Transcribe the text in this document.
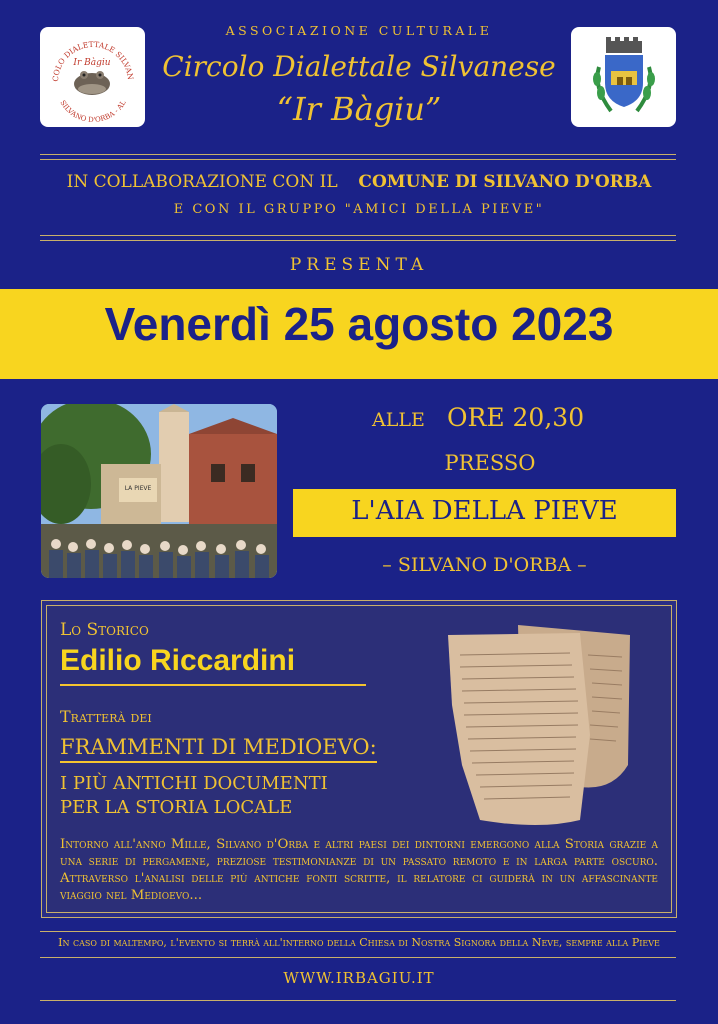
COLO DIALETTALE SILVAN
SILVANO D'ORBA - AL
Ir Bàgiu
ASSOCIAZIONE CULTURALE
Circolo Dialettale Silvanese
“Ir Bàgiu”
IN COLLABORAZIONE CON IL COMUNE DI SILVANO D'ORBA
E CON IL GRUPPO "AMICI DELLA PIEVE"
PRESENTA
Venerdì 25 agosto 2023
LA PIEVE
ALLE ORE 20,30
PRESSO
L'AIA DELLA PIEVE
– SILVANO D'ORBA –
Lo Storico
Edilio Riccardini
Tratterà dei
FRAMMENTI DI MEDIOEVO:
I PIÙ ANTICHI DOCUMENTI
PER LA STORIA LOCALE
Intorno all'anno Mille, Silvano d'Orba e altri paesi dei dintorni emergono alla Storia grazie a una serie di pergamene, preziose testimonianze di un passato remoto e in larga parte oscuro. Attraverso l'analisi delle più antiche fonti scritte, il relatore ci guiderà in un affascinante viaggio nel Medioevo...
In caso di maltempo, l'evento si terrà all'interno della Chiesa di Nostra Signora della Neve, sempre alla Pieve
WWW.IRBAGIU.IT
